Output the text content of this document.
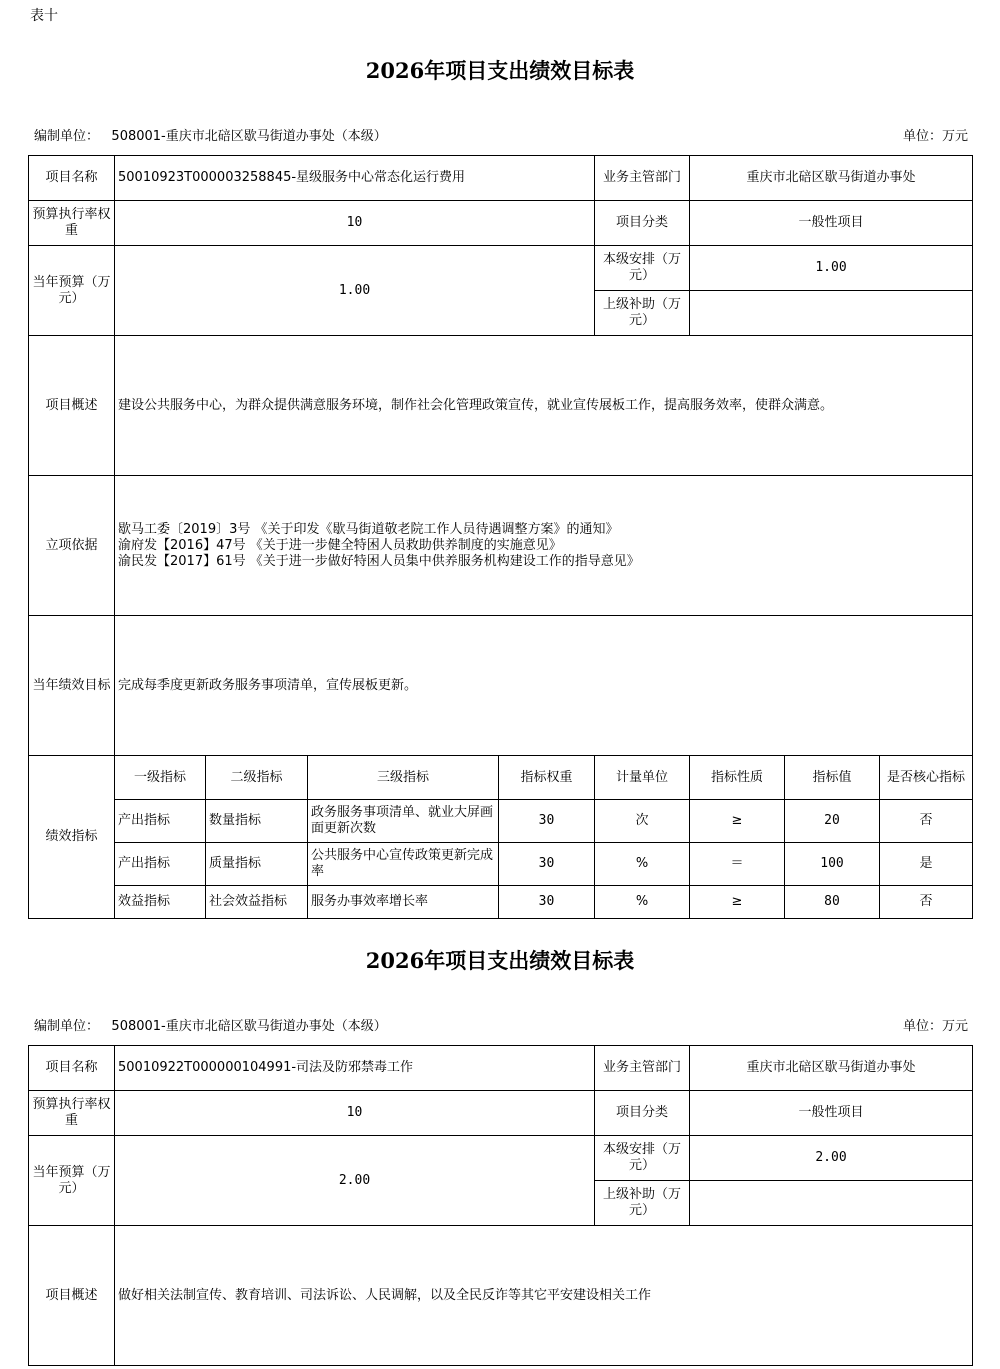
表十
2026年项目支出绩效目标表
编制单位： 508001-重庆市北碚区歇马街道办事处（本级）	单位：万元
项目名称	50010923T000003258845-星级服务中心常态化运行费用				业务主管部门	重庆市北碚区歇马街道办事处		
预算执行率权重	10				项目分类	一般性项目		
当年预算（万元）	1.00				本级安排（万元）	1.00		
					上级补助（万元）			
项目概述	建设公共服务中心，为群众提供满意服务环境，制作社会化管理政策宣传，就业宣传展板工作，提高服务效率，使群众满意。							
立项依据	歇马工委〔2019〕3号 《关于印发《歇马街道敬老院工作人员待遇调整方案》的通知》
渝府发【2016】47号 《关于进一步健全特困人员救助供养制度的实施意见》
渝民发【2017】61号 《关于进一步做好特困人员集中供养服务机构建设工作的指导意见》							

当年绩效目标	完成每季度更新政务服务事项清单，宣传展板更新。							
绩效指标	一级指标	二级指标	三级指标	指标权重	计量单位	指标性质	指标值	是否核心指标
	产出指标	数量指标	政务服务事项清单、就业大屏画面更新次数	30	次	≥	20	否
	产出指标	质量指标	公共服务中心宣传政策更新完成率	30	%	＝	100	是
	效益指标	社会效益指标	服务办事效率增长率	30	%	≥	80	否
2026年项目支出绩效目标表
编制单位： 508001-重庆市北碚区歇马街道办事处（本级）	单位：万元
项目名称	50010922T000000104991-司法及防邪禁毒工作	业务主管部门	重庆市北碚区歇马街道办事处
预算执行率权重	10	项目分类	一般性项目
当年预算（万元）	2.00	本级安排（万元）	2.00
		上级补助（万元）	
项目概述	做好相关法制宣传、教育培训、司法诉讼、人民调解，以及全民反诈等其它平安建设相关工作		
